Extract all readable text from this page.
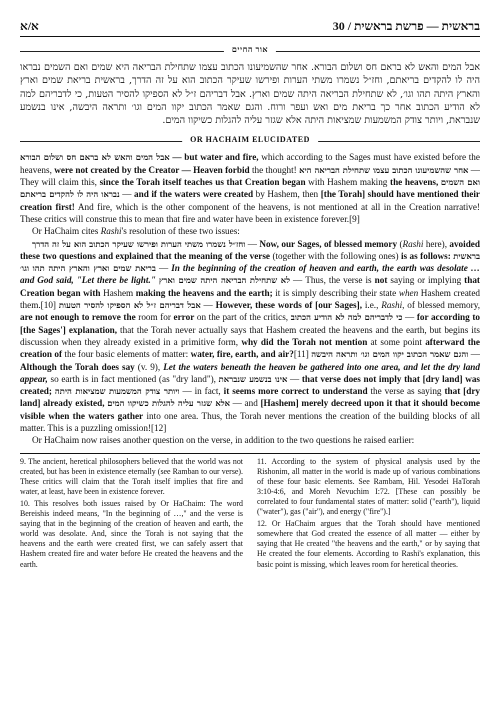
א/א	30 / בראשית — פרשת בראשית
אור החיים
אבל המים והאש לא בראם חס ושלום הבורא. אחר שהשמיעונו הכתוב עצמו שתחילת הבריאה היא שמים ואם השמים נבראו היה לו להקדים בריאתם, וחז״ל נשמרו משתי הערות ופירשו שעיקר הכתוב הוא על זה הדרך, בראשית בריאת שמים וארץ והארץ היתה תהו וגו׳, לא שתחילת הבריאה היתה שמים וארץ. אבל דבריהם ז״ל לא הספיקו להסיר הטעות, כי לדבריהם למה לא הודיע הכתוב אחר כך בריאת מים ואש ועפר ורוח. והגם שאמר הכתוב יקוו המים וגו׳ ותראה היבשה, אינו בנשמע שנבראת, ויותר צודק המשמעות שמציאות היתה אלא שגזר עליה להגלות כשיקוו המים.
OR HACHAIM ELUCIDATED

אבל המים והאש לא בראם חס ושלום הבורא — but water and fire, which according to the Sages must have existed before the heavens, were not created by the Creator — Heaven forbid the thought! אחר שהשמיעונו הכתוב עצמו שתחילת הבריאה היא — They will claim this, since the Torah itself teaches us that Creation began with Hashem making the heavens, ואם השמים נבראו היה לו להקדים בריאתם — and if the waters were created by Hashem, then [the Torah] should have mentioned their creation first! And fire, which is the other component of the heavens, is not mentioned at all in the Creation narrative! These critics will construe this to mean that fire and water have been in existence forever.[9]

Or HaChaim cites Rashi's resolution of these two issues:

וחז״ל נשמרו משתי הערות ופירשו שעיקר הכתוב הוא על זה הדרך — Now, our Sages, of blessed memory (Rashi here), avoided these two questions and explained that the meaning of the verse (together with the following ones) is as follows: בראשית בריאת שמים וארץ והארץ היתה תהו וגו׳ — In the beginning of the creation of heaven and earth, the earth was desolate … and God said, "Let there be light." לא שתחילת הבריאה היתה שמים וארץ — Thus, the verse is not saying or implying that Creation began with Hashem making the heavens and the earth; it is simply describing their state when Hashem created them.[10] אבל דבריהם ז״ל לא הספיקו להסיר הטעות — However, these words of [our Sages], i.e., Rashi, of blessed memory, are not enough to remove the room for error on the part of the critics, כי לדבריהם למה לא הודיע הכתוב — for according to [the Sages'] explanation, that the Torah never actually says that Hashem created the heavens and the earth, but begins its discussion when they already existed in a primitive form, why did the Torah not mention at some point afterward the creation of the four basic elements of matter: water, fire, earth, and air?[11] והגם שאמר הכתוב יקוו המים וגו׳ ותראה היבשה — Although the Torah does say (v. 9), Let the waters beneath the heaven be gathered into one area, and let the dry land appear, so earth is in fact mentioned (as "dry land"), אינו בנשמע שנבראת — that verse does not imply that [dry land] was created; ויותר צודק המשמעות שמציאות היתה — in fact, it seems more correct to understand the verse as saying that [dry land] already existed, אלא שגזר עליה להגלות כשיקוו המים — and [Hashem] merely decreed upon it that it should become visible when the waters gather into one area. Thus, the Torah never mentions the creation of the building blocks of all matter. This is a puzzling omission![12]

Or HaChaim now raises another question on the verse, in addition to the two questions he raised earlier:

9. The ancient, heretical philosophers believed that the world was not created, but has been in existence eternally (see Ramban to our verse). These critics will claim that the Torah itself implies that fire and water, at least, have been in existence forever.

10. This resolves both issues raised by Or HaChaim: The word Bereishis indeed means, "In the beginning of …," and the verse is saying that in the beginning of the creation of heaven and earth, the world was desolate. And, since the Torah is not saying that the heavens and the earth were created first, we can safely assert that Hashem created fire and water before He created the heavens and the earth.

11. According to the system of physical analysis used by the Rishonim, all matter in the world is made up of various combinations of these four basic elements. See Rambam, Hil. Yesodei HaTorah 3:10-4:6, and Moreh Nevuchim I:72. [These can possibly be correlated to four fundamental states of matter: solid ("earth"), liquid ("water"), gas ("air"), and energy ("fire").]

12. Or HaChaim argues that the Torah should have mentioned somewhere that God created the essence of all matter — either by saying that He created "the heavens and the earth," or by saying that He created the four elements. According to Rashi's explanation, this basic point is missing, which leaves room for heretical theories.
